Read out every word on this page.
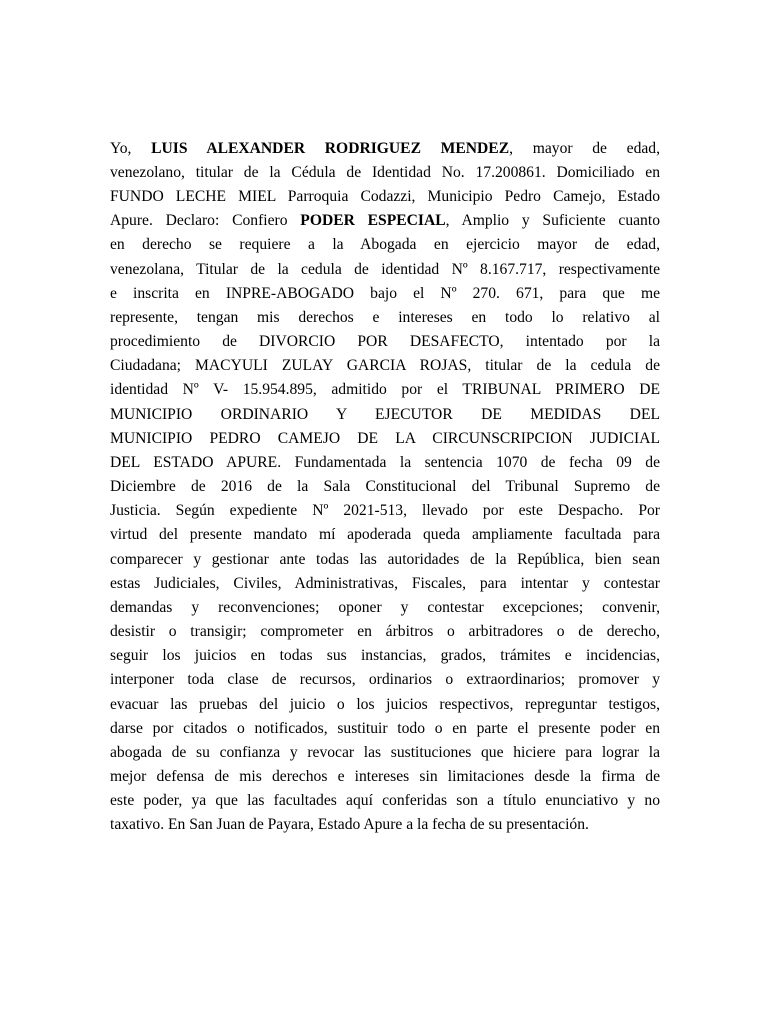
Yo, LUIS ALEXANDER RODRIGUEZ MENDEZ, mayor de edad,
venezolano, titular de la Cédula de Identidad No. 17.200861. Domiciliado en
FUNDO LECHE MIEL Parroquia Codazzi, Municipio Pedro Camejo, Estado
Apure. Declaro: Confiero PODER ESPECIAL, Amplio y Suficiente cuanto
en derecho se requiere a la Abogada en ejercicio mayor de edad,
venezolana, Titular de la cedula de identidad Nº 8.167.717, respectivamente
e inscrita en INPRE-ABOGADO bajo el Nº 270. 671, para que me
represente, tengan mis derechos e intereses en todo lo relativo al
procedimiento de DIVORCIO POR DESAFECTO, intentado por la
Ciudadana; MACYULI ZULAY GARCIA ROJAS, titular de la cedula de
identidad Nº V- 15.954.895, admitido por el TRIBUNAL PRIMERO DE
MUNICIPIO ORDINARIO Y EJECUTOR DE MEDIDAS DEL
MUNICIPIO PEDRO CAMEJO DE LA CIRCUNSCRIPCION JUDICIAL
DEL ESTADO APURE. Fundamentada la sentencia 1070 de fecha 09 de
Diciembre de 2016 de la Sala Constitucional del Tribunal Supremo de
Justicia. Según expediente Nº 2021-513, llevado por este Despacho. Por
virtud del presente mandato mí apoderada queda ampliamente facultada para
comparecer y gestionar ante todas las autoridades de la República, bien sean
estas Judiciales, Civiles, Administrativas, Fiscales, para intentar y contestar
demandas y reconvenciones; oponer y contestar excepciones; convenir,
desistir o transigir; comprometer en árbitros o arbitradores o de derecho,
seguir los juicios en todas sus instancias, grados, trámites e incidencias,
interponer toda clase de recursos, ordinarios o extraordinarios; promover y
evacuar las pruebas del juicio o los juicios respectivos, repreguntar testigos,
darse por citados o notificados, sustituir todo o en parte el presente poder en
abogada de su confianza y revocar las sustituciones que hiciere para lograr la
mejor defensa de mis derechos e intereses sin limitaciones desde la firma de
este poder, ya que las facultades aquí conferidas son a título enunciativo y no
taxativo. En San Juan de Payara, Estado Apure a la fecha de su presentación.
